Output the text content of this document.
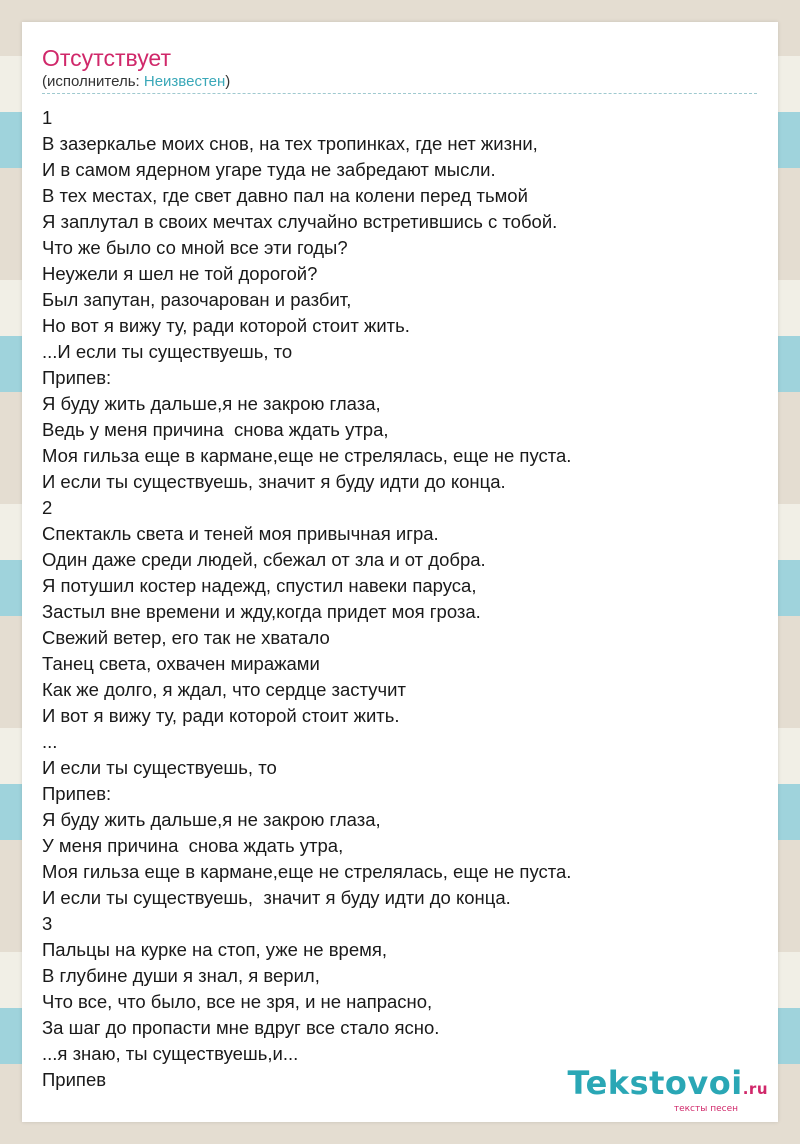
Отсутствует
(исполнитель: Неизвестен)
1
В зазеркалье моих снов, на тех тропинках, где нет жизни,
И в самом ядерном угаре туда не забредают мысли.
В тех местах, где свет давно пал на колени перед тьмой
Я заплутал в своих мечтах случайно встретившись с тобой.
Что же было со мной все эти годы?
Неужели я шел не той дорогой?
Был запутан, разочарован и разбит,
Но вот я вижу ту, ради которой стоит жить.
...И если ты существуешь, то
Припев:
Я буду жить дальше,я не закрою глаза,
Ведь у меня причина  снова ждать утра,
Моя гильза еще в кармане,еще не стрелялась, еще не пуста.
И если ты существуешь, значит я буду идти до конца.
2
Спектакль света и теней моя привычная игра.
Один даже среди людей, сбежал от зла и от добра.
Я потушил костер надежд, спустил навеки паруса,
Застыл вне времени и жду,когда придет моя гроза.
Свежий ветер, его так не хватало
Танец света, охвачен миражами
Как же долго, я ждал, что сердце застучит
И вот я вижу ту, ради которой стоит жить.
...
И если ты существуешь, то
Припев:
Я буду жить дальше,я не закрою глаза,
У меня причина  снова ждать утра,
Моя гильза еще в кармане,еще не стрелялась, еще не пуста.
И если ты существуешь,  значит я буду идти до конца.
3
Пальцы на курке на стоп, уже не время,
В глубине души я знал, я верил,
Что все, что было, все не зря, и не напрасно,
За шаг до пропасти мне вдруг все стало ясно.
...я знаю, ты существуешь,и...
Припев	Tekstovoi.ru
тексты песен
